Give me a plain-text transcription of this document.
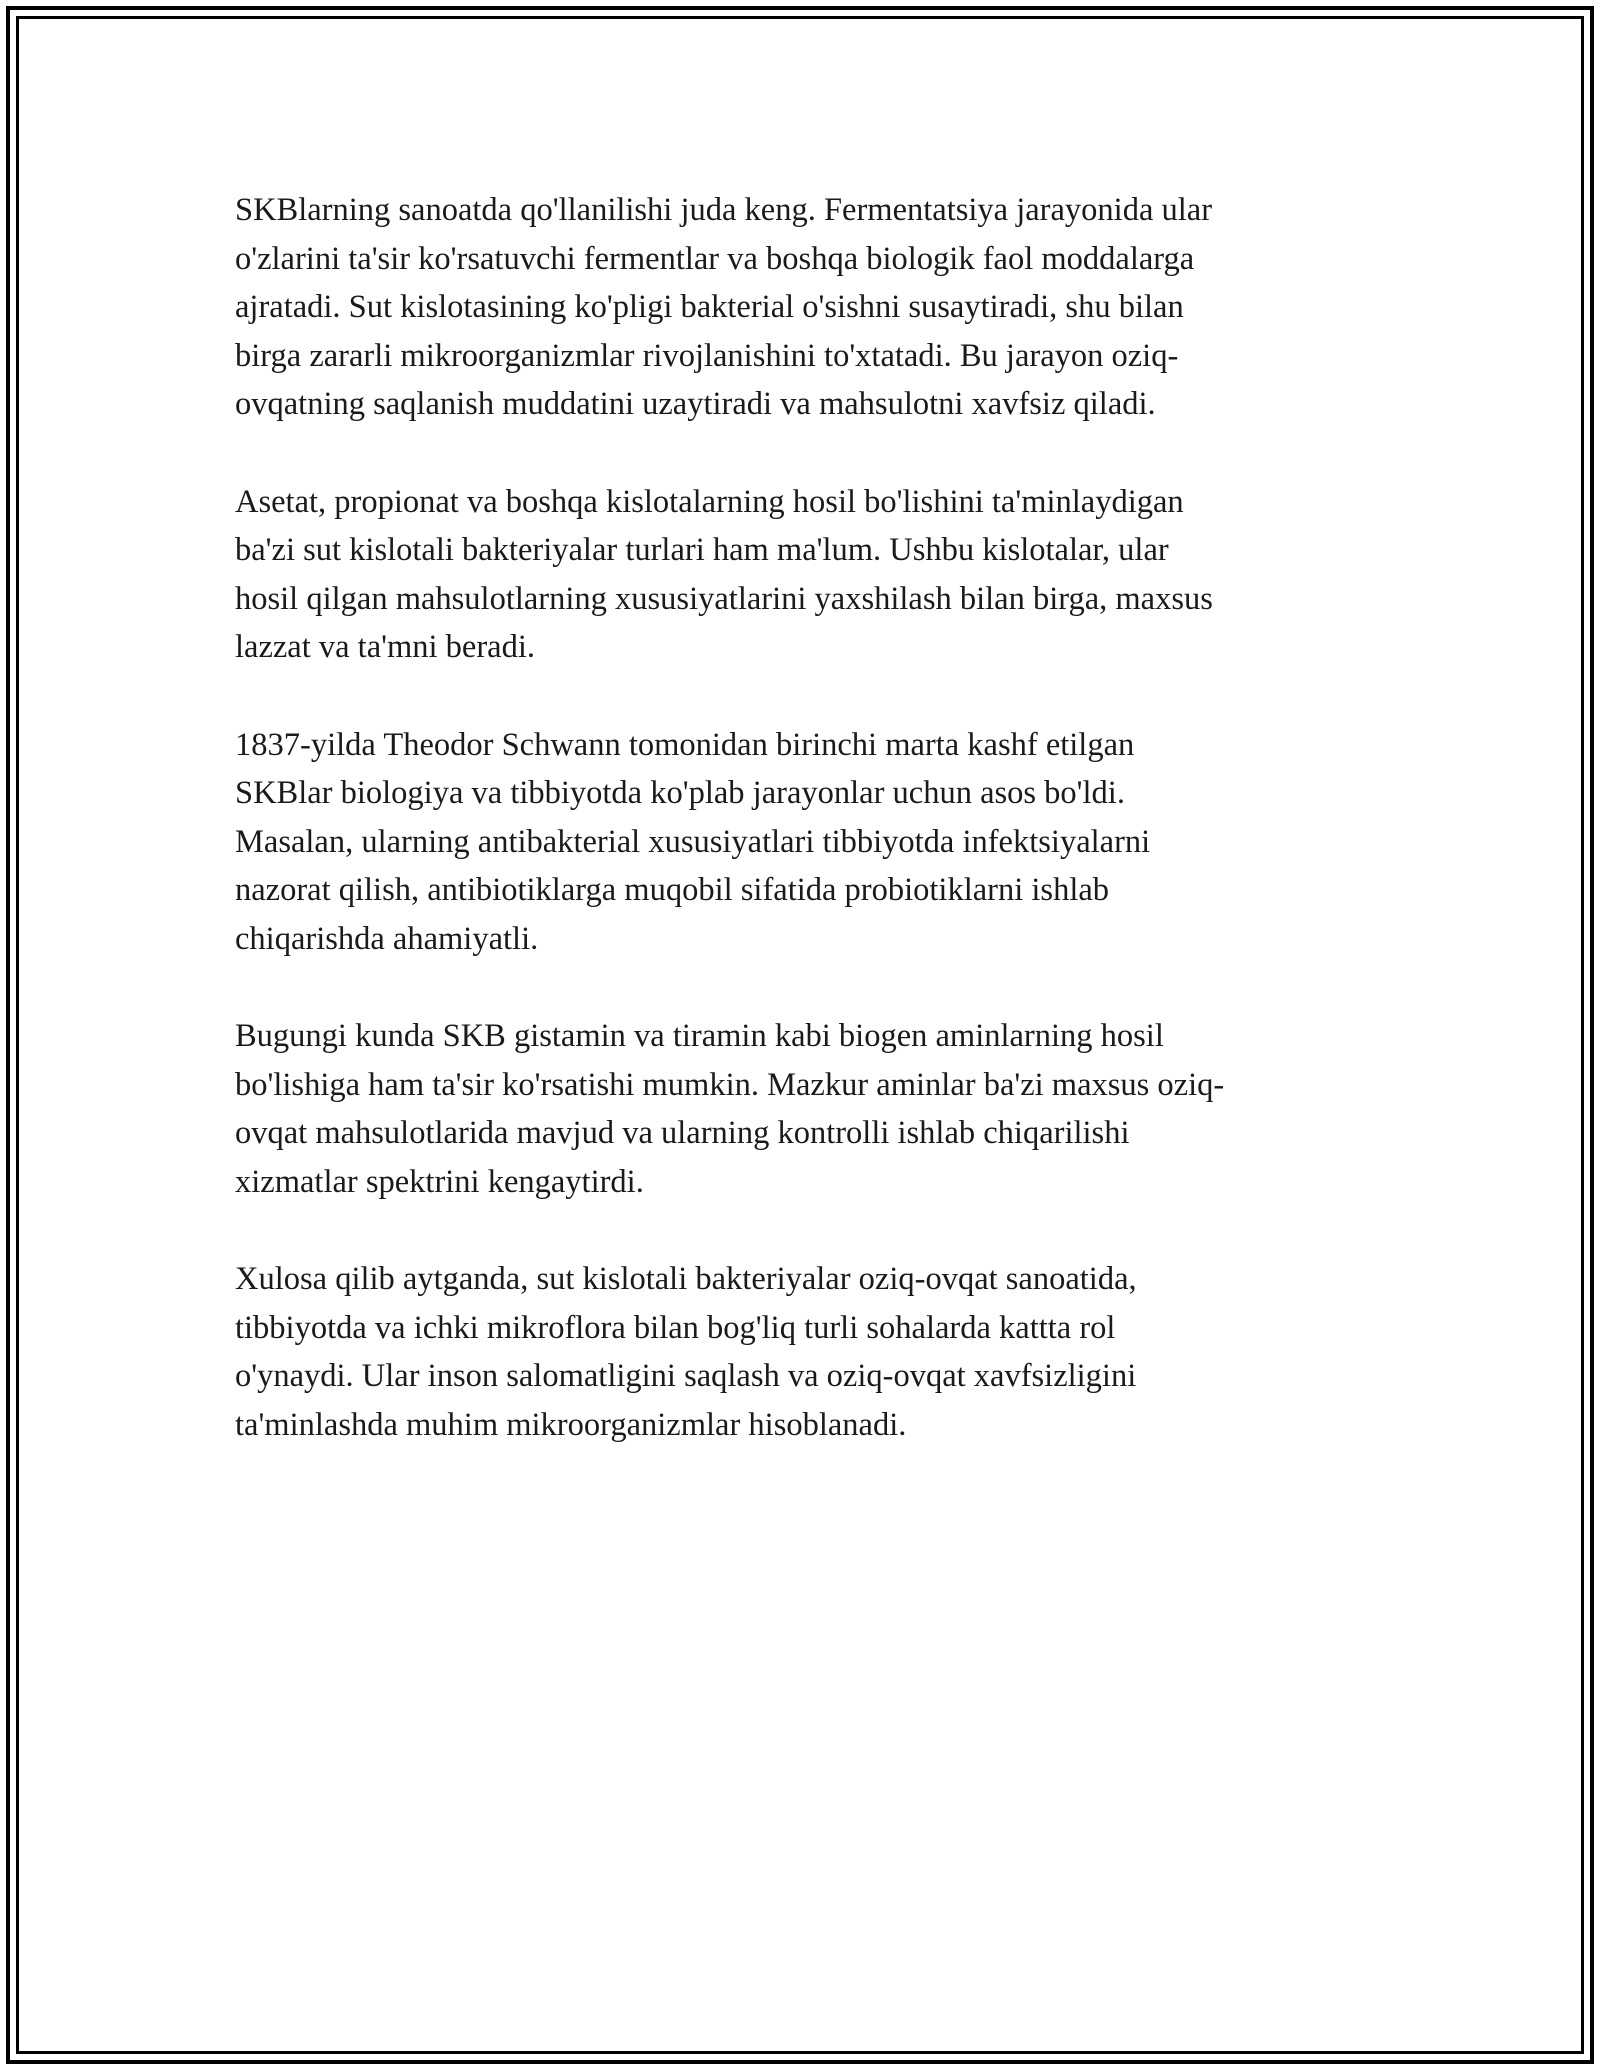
SKBlarning sanoatda qo'llanilishi juda keng. Fermentatsiya jarayonida ular
o'zlarini ta'sir ko'rsatuvchi fermentlar va boshqa biologik faol moddalarga
ajratadi. Sut kislotasining ko'pligi bakterial o'sishni susaytiradi, shu bilan
birga zararli mikroorganizmlar rivojlanishini to'xtatadi. Bu jarayon oziq-
ovqatning saqlanish muddatini uzaytiradi va mahsulotni xavfsiz qiladi.

Asetat, propionat va boshqa kislotalarning hosil bo'lishini ta'minlaydigan
ba'zi sut kislotali bakteriyalar turlari ham ma'lum. Ushbu kislotalar, ular
hosil qilgan mahsulotlarning xususiyatlarini yaxshilash bilan birga, maxsus
lazzat va ta'mni beradi.

1837-yilda Theodor Schwann tomonidan birinchi marta kashf etilgan
SKBlar biologiya va tibbiyotda ko'plab jarayonlar uchun asos bo'ldi.
Masalan, ularning antibakterial xususiyatlari tibbiyotda infektsiyalarni
nazorat qilish, antibiotiklarga muqobil sifatida probiotiklarni ishlab
chiqarishda ahamiyatli.

Bugungi kunda SKB gistamin va tiramin kabi biogen aminlarning hosil
bo'lishiga ham ta'sir ko'rsatishi mumkin. Mazkur aminlar ba'zi maxsus oziq-
ovqat mahsulotlarida mavjud va ularning kontrolli ishlab chiqarilishi
xizmatlar spektrini kengaytirdi.

Xulosa qilib aytganda, sut kislotali bakteriyalar oziq-ovqat sanoatida,
tibbiyotda va ichki mikroflora bilan bog'liq turli sohalarda kattta rol
o'ynaydi. Ular inson salomatligini saqlash va oziq-ovqat xavfsizligini
ta'minlashda muhim mikroorganizmlar hisoblanadi.
